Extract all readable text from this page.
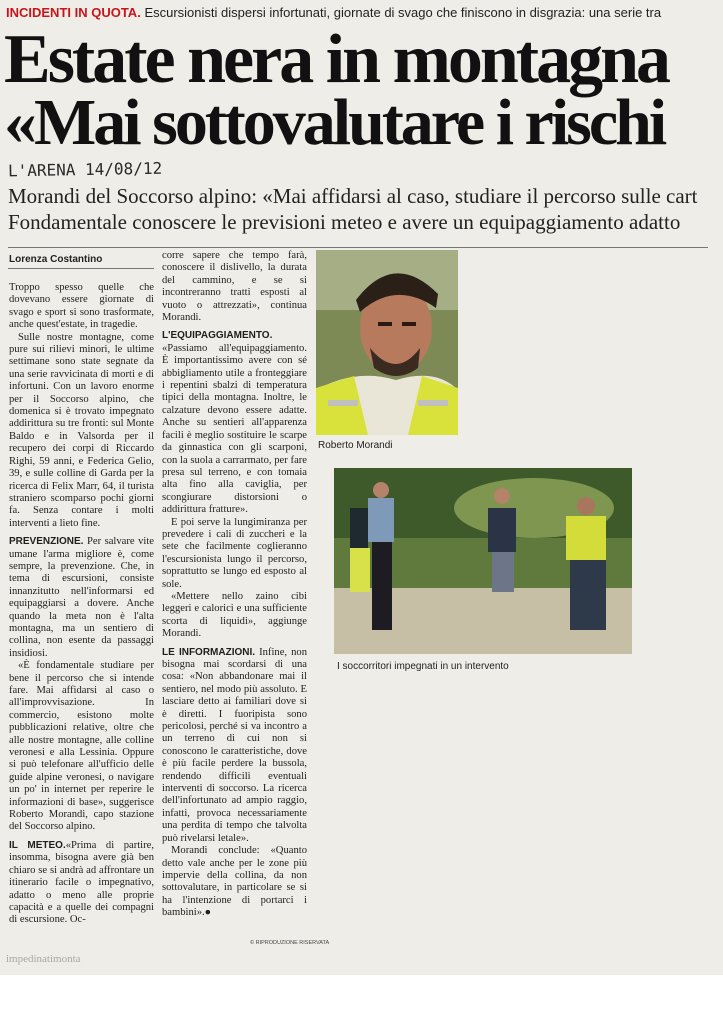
INCIDENTI IN QUOTA. Escursionisti dispersi infortunati, giornate di svago che finiscono in disgrazia: una serie tra
Estate nera in montagna
«Mai sottovalutare i rischi
L'ARENA 14/08/12
Morandi del Soccorso alpino: «Mai affidarsi al caso, studiare il percorso sulle cart
Fondamentale conoscere le previsioni meteo e avere un equipaggiamento adatto
Lorenza Costantino

Troppo spesso quelle che dovevano essere giornate di svago e sport si sono trasformate, anche quest'estate, in tragedie.

Sulle nostre montagne, come pure sui rilievi minori, le ultime settimane sono state segnate da una serie ravvicinata di morti e di infortuni. Con un lavoro enorme per il Soccorso alpino, che domenica si è trovato impegnato addirittura su tre fronti: sul Monte Baldo e in Valsorda per il recupero dei corpi di Riccardo Righi, 59 anni, e Federica Gelio, 39, e sulle colline di Garda per la ricerca di Felix Marr, 64, il turista straniero scomparso pochi giorni fa. Senza contare i molti interventi a lieto fine.

PREVENZIONE. Per salvare vite umane l'arma migliore è, come sempre, la prevenzione. Che, in tema di escursioni, consiste innanzitutto nell'informarsi ed equipaggiarsi a dovere. Anche quando la meta non è l'alta montagna, ma un sentiero di collina, non esente da passaggi insidiosi.

«È fondamentale studiare per bene il percorso che si intende fare. Mai affidarsi al caso o all'improvvisazione. In commercio, esistono molte pubblicazioni relative, oltre che alle nostre montagne, alle colline veronesi e alla Lessinia. Oppure si può telefonare all'ufficio delle guide alpine veronesi, o navigare un po' in internet per reperire le informazioni di base», suggerisce Roberto Morandi, capo stazione del Soccorso alpino.

IL METEO.«Prima di partire, insomma, bisogna avere già ben chiaro se si andrà ad affrontare un itinerario facile o impegnativo, adatto o meno alle proprie capacità e a quelle dei compagni di escursione. Oc-

corre sapere che tempo farà, conoscere il dislivello, la durata del cammino, e se si incontreranno tratti esposti al vuoto o attrezzati», continua Morandi.

L'EQUIPAGGIAMENTO. «Passiamo all'equipaggiamento. È importantissimo avere con sé abbigliamento utile a fronteggiare i repentini sbalzi di temperatura tipici della montagna. Inoltre, le calzature devono essere adatte. Anche su sentieri all'apparenza facili è meglio sostituire le scarpe da ginnastica con gli scarponi, con la suola a carrarmato, per fare presa sul terreno, e con tomaia alta fino alla caviglia, per scongiurare distorsioni o addirittura fratture».

E poi serve la lungimiranza per prevedere i cali di zuccheri e la sete che facilmente coglieranno l'escursionista lungo il percorso, soprattutto se lungo ed esposto al sole.

«Mettere nello zaino cibi leggeri e calorici e una sufficiente scorta di liquidi», aggiunge Morandi.

LE INFORMAZIONI. Infine, non bisogna mai scordarsi di una cosa: «Non abbandonare mai il sentiero, nel modo più assoluto. E lasciare detto ai familiari dove si è diretti. I fuoripista sono pericolosi, perché si va incontro a un terreno di cui non si conoscono le caratteristiche, dove è più facile perdere la bussola, rendendo difficili eventuali interventi di soccorso. La ricerca dell'infortunato ad ampio raggio, infatti, provoca necessariamente una perdita di tempo che talvolta può rivelarsi letale».

Morandi conclude: «Quanto detto vale anche per le zone più impervie della collina, da non sottovalutare, in particolare se si ha l'intenzione di portarci i bambini».●

© RIPRODUZIONE RISERVATA
Roberto Morandi
I soccorritori impegnati in un intervento
impedinatimonta
